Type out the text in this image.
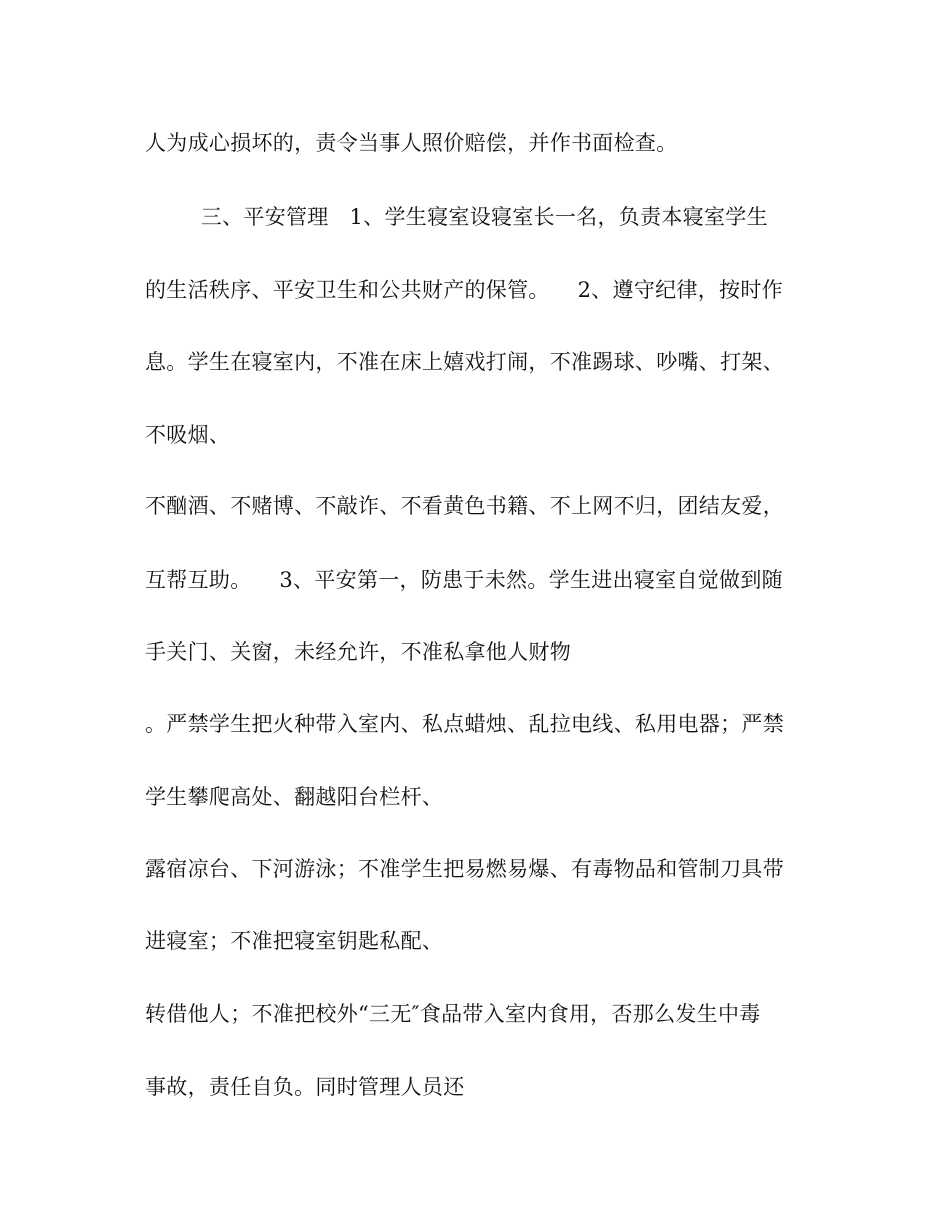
人为成心损坏的，责令当事人照价赔偿，并作书面检查。
三、平安管理   1、学生寝室设寝室长一名，负责本寝室学生
的生活秩序、平安卫生和公共财产的保管。    2、遵守纪律，按时作
息。学生在寝室内，不准在床上嬉戏打闹，不准踢球、吵嘴、打架、
不吸烟、
不酗酒、不赌博、不敲诈、不看黄色书籍、不上网不归，团结友爱，
互帮互助。    3、平安第一，防患于未然。学生进出寝室自觉做到随
手关门、关窗，未经允许，不准私拿他人财物
。严禁学生把火种带入室内、私点蜡烛、乱拉电线、私用电器；严禁
学生攀爬高处、翻越阳台栏杆、
露宿凉台、下河游泳；不准学生把易燃易爆、有毒物品和管制刀具带
进寝室；不准把寝室钥匙私配、
转借他人；不准把校外“三无″食品带入室内食用，否那么发生中毒
事故，责任自负。同时管理人员还
